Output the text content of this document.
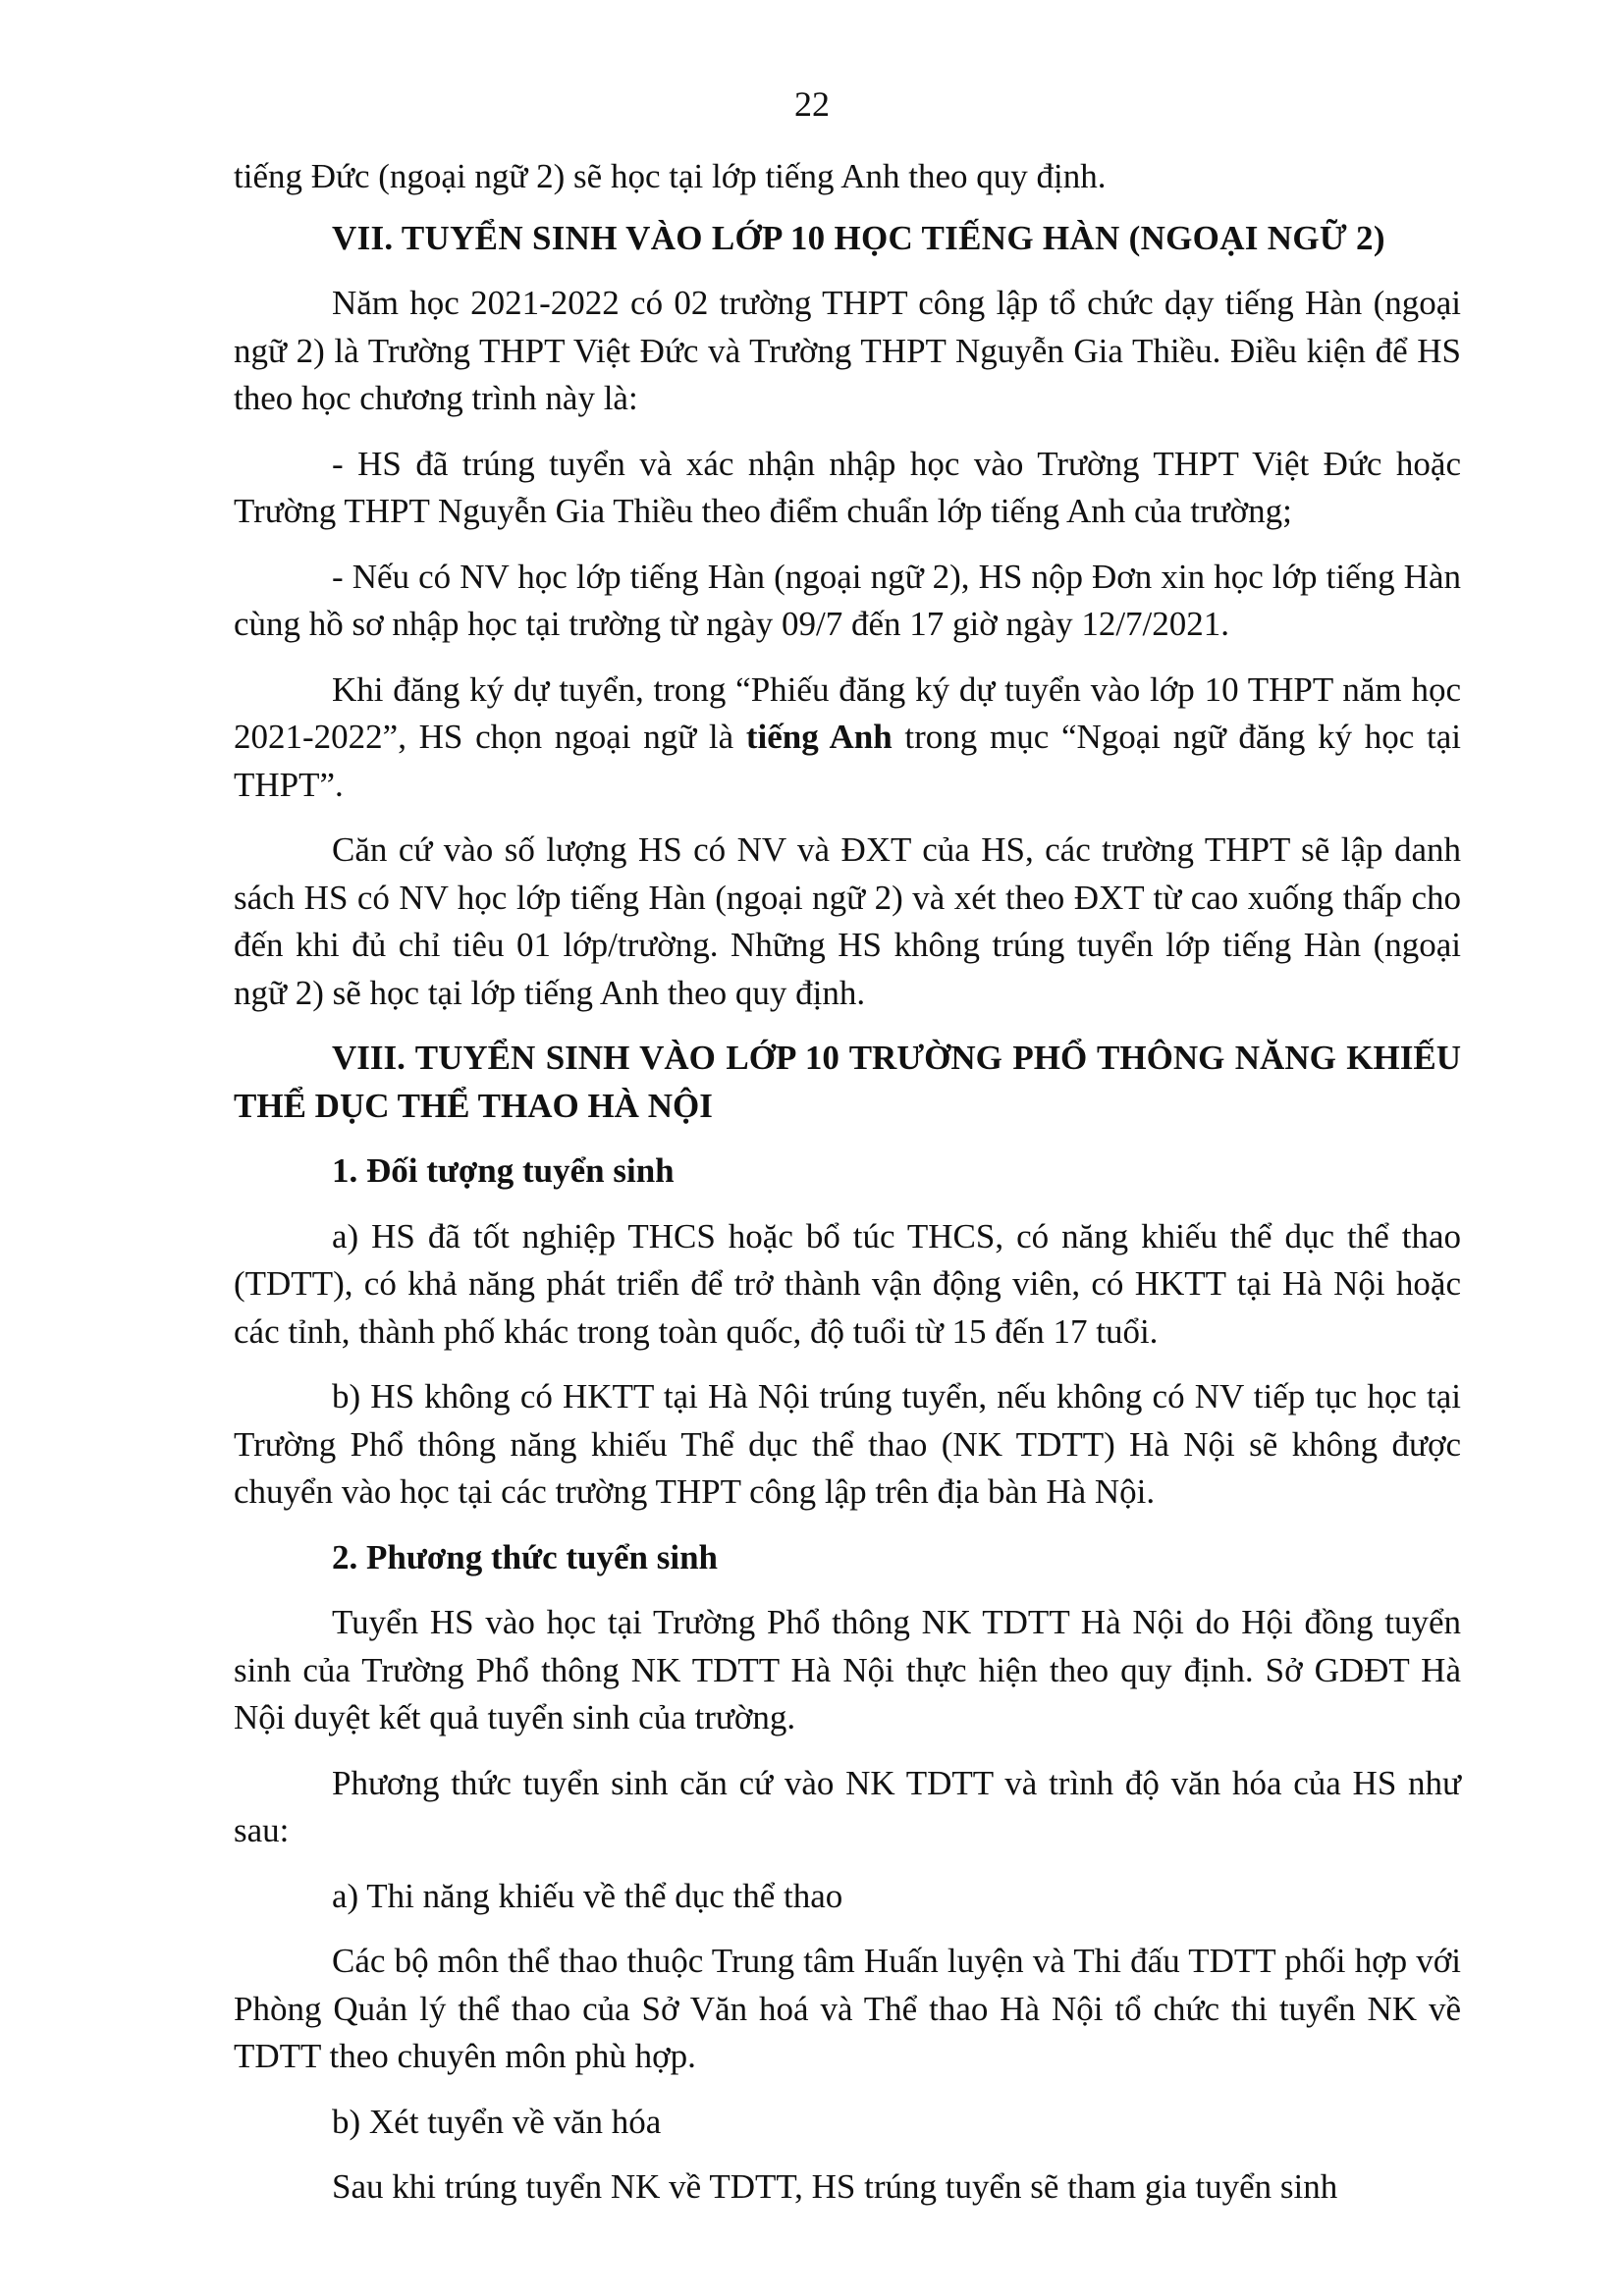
22

tiếng Đức (ngoại ngữ 2) sẽ học tại lớp tiếng Anh theo quy định.

VII. TUYỂN SINH VÀO LỚP 10 HỌC TIẾNG HÀN (NGOẠI NGỮ 2)

Năm học 2021-2022 có 02 trường THPT công lập tổ chức dạy tiếng Hàn (ngoại ngữ 2) là Trường THPT Việt Đức và Trường THPT Nguyễn Gia Thiều. Điều kiện để HS theo học chương trình này là:

- HS đã trúng tuyển và xác nhận nhập học vào Trường THPT Việt Đức hoặc Trường THPT Nguyễn Gia Thiều theo điểm chuẩn lớp tiếng Anh của trường;

- Nếu có NV học lớp tiếng Hàn (ngoại ngữ 2), HS nộp Đơn xin học lớp tiếng Hàn cùng hồ sơ nhập học tại trường từ ngày 09/7 đến 17 giờ ngày 12/7/2021.

Khi đăng ký dự tuyển, trong “Phiếu đăng ký dự tuyển vào lớp 10 THPT năm học 2021-2022”, HS chọn ngoại ngữ là tiếng Anh trong mục “Ngoại ngữ đăng ký học tại THPT”.

Căn cứ vào số lượng HS có NV và ĐXT của HS, các trường THPT sẽ lập danh sách HS có NV học lớp tiếng Hàn (ngoại ngữ 2) và xét theo ĐXT từ cao xuống thấp cho đến khi đủ chỉ tiêu 01 lớp/trường. Những HS không trúng tuyển lớp tiếng Hàn (ngoại ngữ 2) sẽ học tại lớp tiếng Anh theo quy định.

VIII. TUYỂN SINH VÀO LỚP 10 TRƯỜNG PHỔ THÔNG NĂNG KHIẾU THỂ DỤC THỂ THAO HÀ NỘI

1. Đối tượng tuyển sinh

a) HS đã tốt nghiệp THCS hoặc bổ túc THCS, có năng khiếu thể dục thể thao (TDTT), có khả năng phát triển để trở thành vận động viên, có HKTT tại Hà Nội hoặc các tỉnh, thành phố khác trong toàn quốc, độ tuổi từ 15 đến 17 tuổi.

b) HS không có HKTT tại Hà Nội trúng tuyển, nếu không có NV tiếp tục học tại Trường Phổ thông năng khiếu Thể dục thể thao (NK TDTT) Hà Nội sẽ không được chuyển vào học tại các trường THPT công lập trên địa bàn Hà Nội.

2. Phương thức tuyển sinh

Tuyển HS vào học tại Trường Phổ thông NK TDTT Hà Nội do Hội đồng tuyển sinh của Trường Phổ thông NK TDTT Hà Nội thực hiện theo quy định. Sở GDĐT Hà Nội duyệt kết quả tuyển sinh của trường.

Phương thức tuyển sinh căn cứ vào NK TDTT và trình độ văn hóa của HS như sau:

a) Thi năng khiếu về thể dục thể thao

Các bộ môn thể thao thuộc Trung tâm Huấn luyện và Thi đấu TDTT phối hợp với Phòng Quản lý thể thao của Sở Văn hoá và Thể thao Hà Nội tổ chức thi tuyển NK về TDTT theo chuyên môn phù hợp.

b) Xét tuyển về văn hóa

Sau khi trúng tuyển NK về TDTT, HS trúng tuyển sẽ tham gia tuyển sinh
